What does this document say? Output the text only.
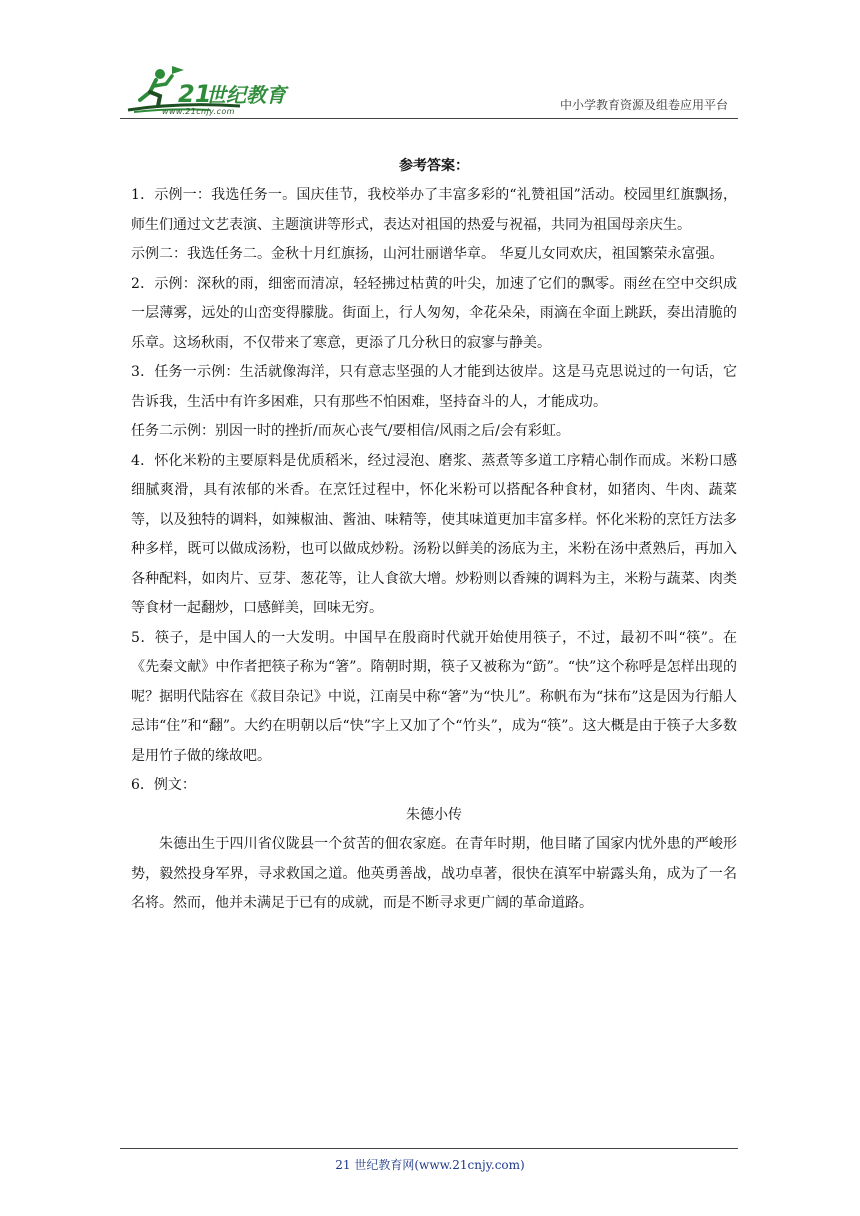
21
世纪教育
www.21cnjy.com	中小学教育资源及组卷应用平台

参考答案：

1．示例一：我选任务一。国庆佳节，我校举办了丰富多彩的“礼赞祖国”活动。校园里红旗飘扬，师生们通过文艺表演、主题演讲等形式，表达对祖国的热爱与祝福，共同为祖国母亲庆生。

示例二：我选任务二。金秋十月红旗扬，山河壮丽谱华章。 华夏儿女同欢庆，祖国繁荣永富强。

2．示例：深秋的雨，细密而清凉，轻轻拂过枯黄的叶尖，加速了它们的飘零。雨丝在空中交织成一层薄雾，远处的山峦变得朦胧。街面上，行人匆匆，伞花朵朵，雨滴在伞面上跳跃，奏出清脆的乐章。这场秋雨，不仅带来了寒意，更添了几分秋日的寂寥与静美。

3．任务一示例：生活就像海洋，只有意志坚强的人才能到达彼岸。这是马克思说过的一句话，它告诉我，生活中有许多困难，只有那些不怕困难，坚持奋斗的人，才能成功。

任务二示例：别因一时的挫折/而灰心丧气/要相信/风雨之后/会有彩虹。

4．怀化米粉的主要原料是优质稻米，经过浸泡、磨浆、蒸煮等多道工序精心制作而成。米粉口感细腻爽滑，具有浓郁的米香。在烹饪过程中，怀化米粉可以搭配各种食材，如猪肉、牛肉、蔬菜等，以及独特的调料，如辣椒油、酱油、味精等，使其味道更加丰富多样。怀化米粉的烹饪方法多种多样，既可以做成汤粉，也可以做成炒粉。汤粉以鲜美的汤底为主，米粉在汤中煮熟后，再加入各种配料，如肉片、豆芽、葱花等，让人食欲大增。炒粉则以香辣的调料为主，米粉与蔬菜、肉类等食材一起翻炒，口感鲜美，回味无穷。

5．筷子，是中国人的一大发明。中国早在殷商时代就开始使用筷子，不过，最初不叫“筷”。在《先秦文献》中作者把筷子称为“箸”。隋朝时期，筷子又被称为“筯”。“快”这个称呼是怎样出现的呢？据明代陆容在《菽目杂记》中说，江南吴中称“箸”为“快儿”。称帆布为“抹布”这是因为行船人忌讳“住”和“翻”。大约在明朝以后“快”字上又加了个“竹头”，成为“筷”。这大概是由于筷子大多数是用竹子做的缘故吧。

6．例文：

朱德小传

朱德出生于四川省仪陇县一个贫苦的佃农家庭。在青年时期，他目睹了国家内忧外患的严峻形势，毅然投身军界，寻求救国之道。他英勇善战，战功卓著，很快在滇军中崭露头角，成为了一名名将。然而，他并未满足于已有的成就，而是不断寻求更广阔的革命道路。

21 世纪教育网(www.21cnjy.com)
